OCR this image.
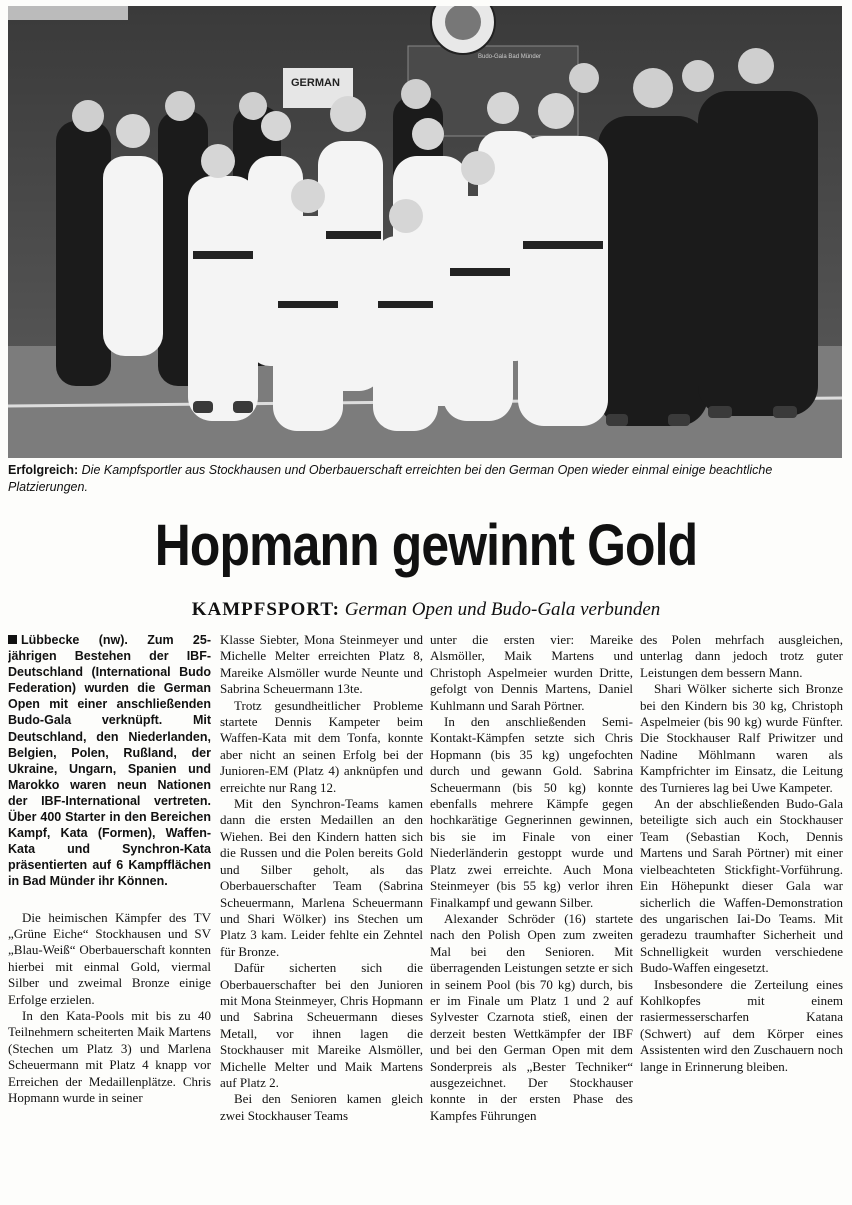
GERMAN
Budo-Gala Bad Münder
Erfolgreich: Die Kampfsportler aus Stockhausen und Oberbauerschaft erreichten bei den German Open wieder einmal einige beachtliche Platzierungen.
Hopmann gewinnt Gold
KAMPFSPORT: German Open und Budo-Gala verbunden

Lübbecke (nw). Zum 25-jährigen Bestehen der IBF-Deutschland (International Budo Federation) wurden die German Open mit einer anschließenden Budo-Gala verknüpft. Mit Deutschland, den Niederlanden, Belgien, Polen, Rußland, der Ukraine, Ungarn, Spanien und Marokko waren neun Nationen der IBF-International vertreten. Über 400 Starter in den Bereichen Kampf, Kata (Formen), Waffen-Kata und Synchron-Kata präsentierten auf 6 Kampfflächen in Bad Münder ihr Können.

Die heimischen Kämpfer des TV „Grüne Eiche“ Stockhausen und SV „Blau-Weiß“ Oberbauerschaft konnten hierbei mit einmal Gold, viermal Silber und zweimal Bronze einige Erfolge erzielen.

In den Kata-Pools mit bis zu 40 Teilnehmern scheiterten Maik Martens (Stechen um Platz 3) und Marlena Scheuermann mit Platz 4 knapp vor Erreichen der Medaillenplätze. Chris Hopmann wurde in seiner

Klasse Siebter, Mona Steinmeyer und Michelle Melter erreichten Platz 8, Mareike Alsmöller wurde Neunte und Sabrina Scheuermann 13te.

Trotz gesundheitlicher Probleme startete Dennis Kampeter beim Waffen-Kata mit dem Tonfa, konnte aber nicht an seinen Erfolg bei der Junioren-EM (Platz 4) anknüpfen und erreichte nur Rang 12.

Mit den Synchron-Teams kamen dann die ersten Medaillen an den Wiehen. Bei den Kindern hatten sich die Russen und die Polen bereits Gold und Silber geholt, als das Oberbauerschafter Team (Sabrina Scheuermann, Marlena Scheuermann und Shari Wölker) ins Stechen um Platz 3 kam. Leider fehlte ein Zehntel für Bronze.

Dafür sicherten sich die Oberbauerschafter bei den Junioren mit Mona Steinmeyer, Chris Hopmann und Sabrina Scheuermann dieses Metall, vor ihnen lagen die Stockhauser mit Mareike Alsmöller, Michelle Melter und Maik Martens auf Platz 2.

Bei den Senioren kamen gleich zwei Stockhauser Teams

unter die ersten vier: Mareike Alsmöller, Maik Martens und Christoph Aspelmeier wurden Dritte, gefolgt von Dennis Martens, Daniel Kuhlmann und Sarah Pörtner.

In den anschließenden Semi-Kontakt-Kämpfen setzte sich Chris Hopmann (bis 35 kg) ungefochten durch und gewann Gold. Sabrina Scheuermann (bis 50 kg) konnte ebenfalls mehrere Kämpfe gegen hochkarätige Gegnerinnen gewinnen, bis sie im Finale von einer Niederländerin gestoppt wurde und Platz zwei erreichte. Auch Mona Steinmeyer (bis 55 kg) verlor ihren Finalkampf und gewann Silber.

Alexander Schröder (16) startete nach den Polish Open zum zweiten Mal bei den Senioren. Mit überragenden Leistungen setzte er sich in seinem Pool (bis 70 kg) durch, bis er im Finale um Platz 1 und 2 auf Sylvester Czarnota stieß, einen der derzeit besten Wettkämpfer der IBF und bei den German Open mit dem Sonderpreis als „Bester Techniker“ ausgezeichnet. Der Stockhauser konnte in der ersten Phase des Kampfes Führungen

des Polen mehrfach ausgleichen, unterlag dann jedoch trotz guter Leistungen dem bessern Mann.

Shari Wölker sicherte sich Bronze bei den Kindern bis 30 kg, Christoph Aspelmeier (bis 90 kg) wurde Fünfter. Die Stockhauser Ralf Priwitzer und Nadine Möhlmann waren als Kampfrichter im Einsatz, die Leitung des Turnieres lag bei Uwe Kampeter.

An der abschließenden Budo-Gala beteiligte sich auch ein Stockhauser Team (Sebastian Koch, Dennis Martens und Sarah Pörtner) mit einer vielbeachteten Stickfight-Vorführung. Ein Höhepunkt dieser Gala war sicherlich die Waffen-Demonstration des ungarischen Iai-Do Teams. Mit geradezu traumhafter Sicherheit und Schnelligkeit wurden verschiedene Budo-Waffen eingesetzt.

Insbesondere die Zerteilung eines Kohlkopfes mit einem rasiermesserscharfen Katana (Schwert) auf dem Körper eines Assistenten wird den Zuschauern noch lange in Erinnerung bleiben.
